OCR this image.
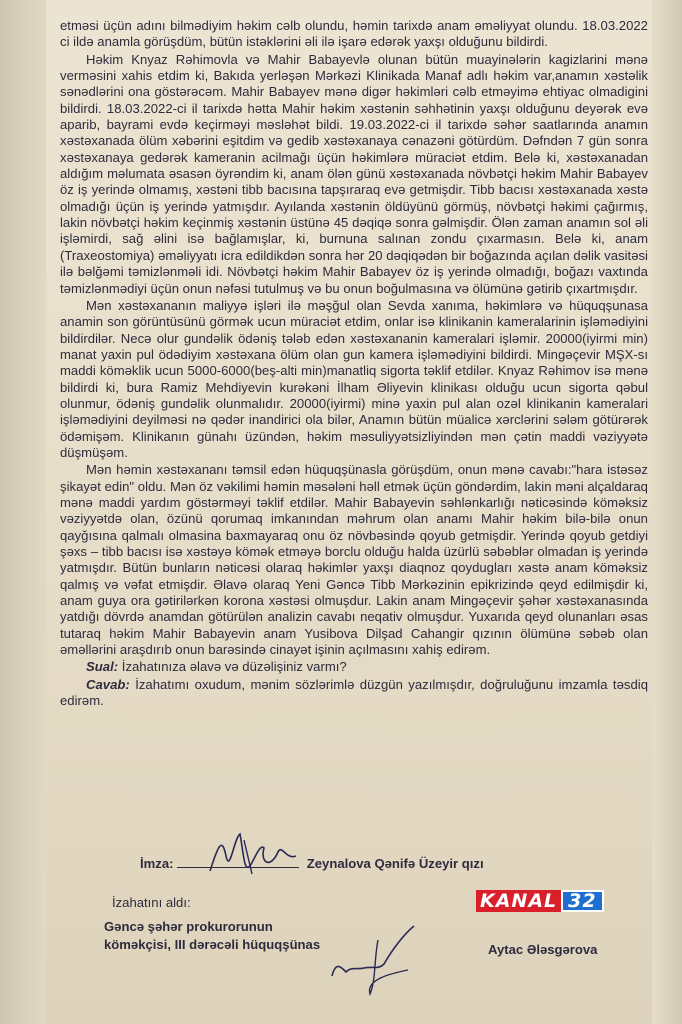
etməsi üçün adını bilmədiyim həkim cəlb olundu, həmin tarixdə anam əməliyyat olundu. 18.03.2022 ci ildə anamla görüşdüm, bütün istəklərini əli ilə işarə edərək yaxşı olduğunu bildirdi.

Həkim Knyaz Rəhimovla və Mahir Babayevlə olunan bütün muayinələrin kagizlarini mənə verməsini xahis etdim ki, Bakıda yerləşən Mərkəzi Klinikada Manaf adlı həkim var,anamın xəstəlik sənədlərini ona göstərəcəm. Mahir Babayev mənə digər həkimləri cəlb etməyimə ehtiyac olmadigini bildirdi. 18.03.2022-ci il tarixdə hətta Mahir həkim xəstənin səhhətinin yaxşı olduğunu deyərək evə aparib, bayrami evdə keçirməyi məsləhət bildi. 19.03.2022-ci il tarixdə səhər saatlarında anamın xəstəxanada ölüm xəbərini eşitdim və gedib xəstəxanaya cənazəni götürdüm. Dəfndən 7 gün sonra xəstəxanaya gedərək kameranin acilmağı üçün həkimlərə müraciət etdim. Belə ki, xəstəxanadan aldığım məlumata əsasən öyrəndim ki, anam ölən günü xəstəxanada növbətçi həkim Mahir Babayev öz iş yerində olmamış, xəstəni tibb bacısına tapşıraraq evə getmişdir. Tibb bacısı xəstəxanada xəstə olmadığı üçün iş yerində yatmışdır. Ayılanda xəstənin öldüyünü görmüş, növbətçi həkimi çağırmış, lakin növbətçi həkim keçinmiş xəstənin üstünə 45 dəqiqə sonra gəlmişdir. Ölən zaman anamın sol əli işləmirdi, sağ əlini isə bağlamışlar, ki, burnuna salınan zondu çıxarmasın. Belə ki, anam (Traxeostomiya) əməliyyatı icra edildikdən sonra hər 20 dəqiqədən bir boğazında açılan dəlik vasitəsi ilə bəlğəmi təmizlənməli idi. Növbətçi həkim Mahir Babayev öz iş yerində olmadığı, boğazı vaxtında təmizlənmədiyi üçün onun nəfəsi tutulmuş və bu onun boğulmasına və ölümünə gətirib çıxartmışdır.

Mən xəstəxananın maliyyə işləri ilə məşğul olan Sevda xanıma, həkimlərə və hüquqşunasa anamin son görüntüsünü görmək ucun müraciət etdim, onlar isə klinikanin kameralarinin işləmədiyini bildirdilər. Necə olur gundəlik ödəniş tələb edən xəstəxananin kameralari işləmir. 20000(iyirmi min) manat yaxin pul ödədiyim xəstəxana ölüm olan gun kamera işləmədiyini bildirdi. Mingəçevir MŞX-sı maddi köməklik ucun 5000-6000(beş-alti min)manatliq sigorta təklif etdilər. Knyaz Rəhimov isə mənə bildirdi ki, bura Ramiz Mehdiyevin kurəkəni İlham Əliyevin klinikası olduğu ucun sigorta qəbul olunmur, ödəniş gundəlik olunmalıdır. 20000(iyirmi) minə yaxin pul alan ozəl klinikanin kameralari işləmədiyini deyilməsi nə qədər inandirici ola bilər, Anamın bütün müalicə xərclərini sələm götürərək ödəmişəm. Klinikanın günahı üzündən, həkim məsuliyyətsizliyindən mən çətin maddi vəziyyətə düşmüşəm.

Mən həmin xəstəxananı təmsil edən hüquqşünasla görüşdüm, onun mənə cavabı:"hara istəsəz şikayət edin" oldu. Mən öz vəkilimi həmin məsələni həll etmək üçün göndərdim, lakin məni alçaldaraq mənə maddi yardım göstərməyi təklif etdilər. Mahir Babayevin səhlənkarlığı nəticəsində köməksiz vəziyyətdə olan, özünü qorumaq imkanından məhrum olan anamı Mahir həkim bilə-bilə onun qayğısına qalmalı olmasina baxmayaraq onu öz növbəsində qoyub getmişdir. Yerində qoyub getdiyi şəxs – tibb bacısı isə xəstəyə kömək etməyə borclu olduğu halda üzürlü səbəblər olmadan iş yerində yatmışdır. Bütün bunların nəticəsi olaraq həkimlər yaxşı diaqnoz qoydugları xəstə anam köməksiz qalmış və vəfat etmişdir. Əlavə olaraq Yeni Gəncə Tibb Mərkəzinin epikrizində qeyd edilmişdir ki, anam guya ora gətirilərkən korona xəstəsi olmuşdur. Lakin anam Mingəçevir şəhər xəstəxanasında yatdığı dövrdə anamdan götürülən analizin cavabı neqativ olmuşdur. Yuxarıda qeyd olunanları əsas tutaraq həkim Mahir Babayevin anam Yusibova Dilşad Cahangir qızının ölümünə səbəb olan əməllərini araşdırıb onun barəsində cinayət işinin açılmasını xahiş edirəm.

Sual: İzahatınıza əlavə və düzəlişiniz varmı?

Cavab: İzahatımı oxudum, mənim sözlərimlə düzgün yazılmışdır, doğruluğunu imzamla təsdiq edirəm.

İmza:	Zeynalova Qənifə Üzeyir qızı
İzahatını aldı:
Gəncə şəhər prokurorunun
köməkçisi, III dərəcəli hüquqşünas	Aytac Ələsgərova
KANAL 32
